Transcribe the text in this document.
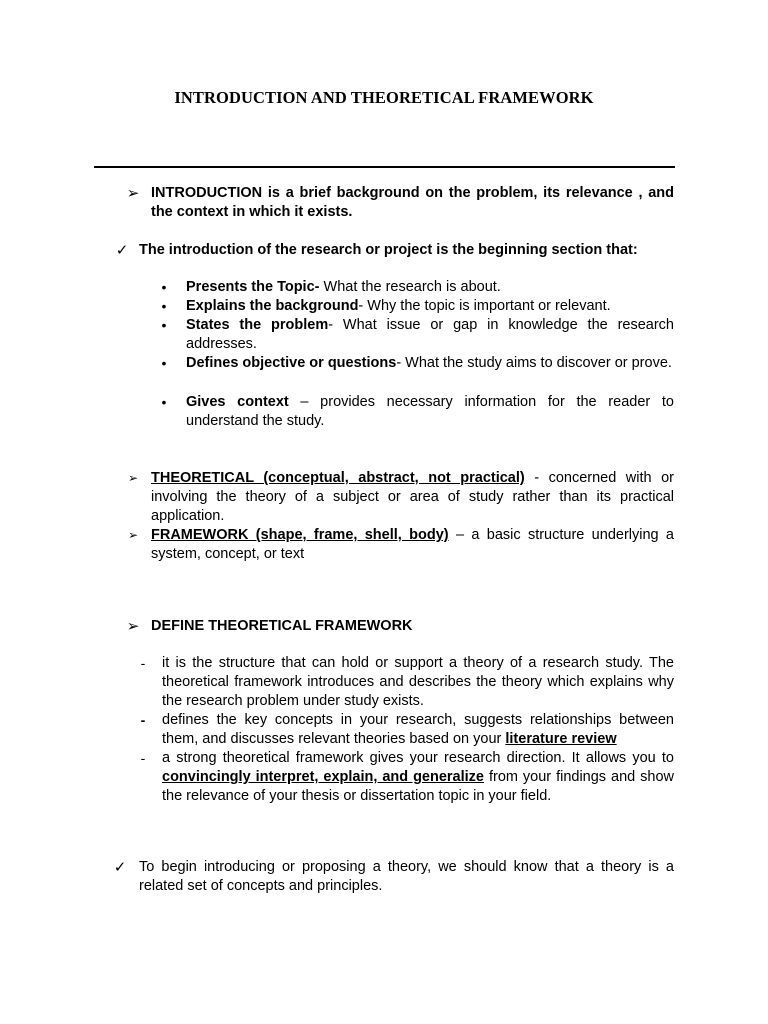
INTRODUCTION AND THEORETICAL FRAMEWORK
➢ INTRODUCTION is a brief background on the problem, its relevance , and the context in which it exists.
✓ The introduction of the research or project is the beginning section that:
•	Presents the Topic- What the research is about.
•	Explains the background- Why the topic is important or relevant.
•	States the problem- What issue or gap in knowledge the research addresses.
•	Defines objective or questions- What the study aims to discover or prove.
•	Gives context – provides necessary information for the reader to understand the study.
➢ THEORETICAL (conceptual, abstract, not practical) - concerned with or involving the theory of a subject or area of study rather than its practical application.
➢ FRAMEWORK (shape, frame, shell, body) – a basic structure underlying a system, concept, or text
➢ DEFINE THEORETICAL FRAMEWORK
-	it is the structure that can hold or support a theory of a research study. The theoretical framework introduces and describes the theory which explains why the research problem under study exists.
-	defines the key concepts in your research, suggests relationships between them, and discusses relevant theories based on your literature review
-	a strong theoretical framework gives your research direction. It allows you to convincingly interpret, explain, and generalize from your findings and show the relevance of your thesis or dissertation topic in your field.
✓ To begin introducing or proposing a theory, we should know that a theory is a related set of concepts and principles.
